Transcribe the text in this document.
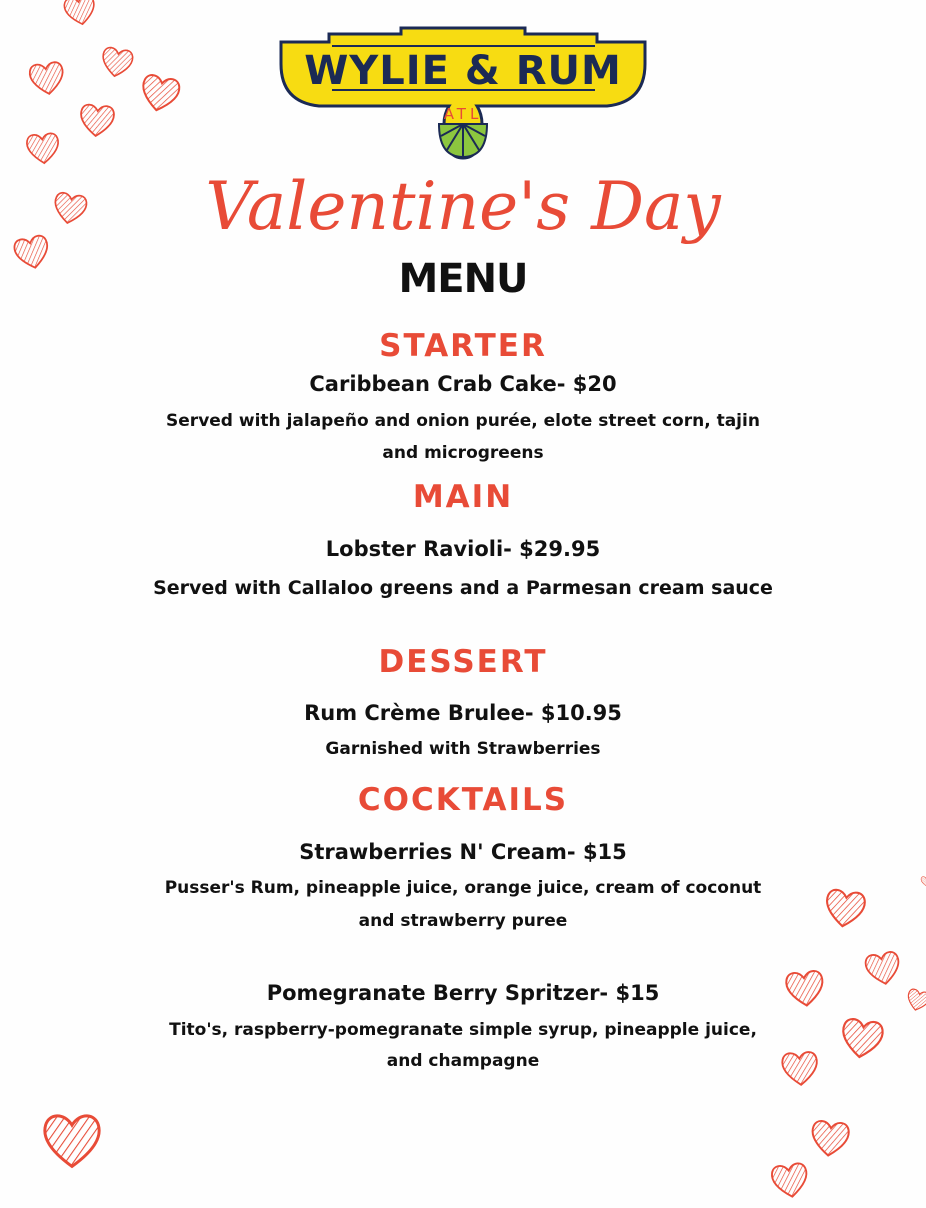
WYLIE & RUM
ATL
Valentine's Day
MENU
STARTER
Caribbean Crab Cake- $20
Served with jalapeño and onion purée, elote street corn, tajin
and microgreens
MAIN
Lobster Ravioli- $29.95
Served with Callaloo greens and a Parmesan cream sauce
DESSERT
Rum Crème Brulee- $10.95
Garnished with Strawberries
COCKTAILS
Strawberries N' Cream- $15
Pusser's Rum, pineapple juice, orange juice, cream of coconut
and strawberry puree
Pomegranate Berry Spritzer- $15
Tito's, raspberry-pomegranate simple syrup, pineapple juice,
and champagne
